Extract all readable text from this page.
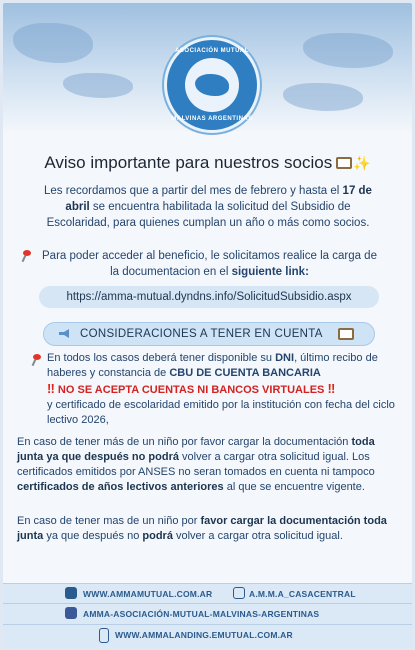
ASOCIACIÓN MUTUAL
MALVINAS ARGENTINAS
Aviso importante para nuestros socios ✨
Les recordamos que a partir del mes de febrero y hasta el 17 de abril se encuentra habilitada la solicitud del Subsidio de Escolaridad, para quienes cumplan un año o más como socios.
Para poder acceder al beneficio, le solicitamos realice la carga de la documentacion en el siguiente link:
https://amma-mutual.dyndns.info/SolicitudSubsidio.aspx
CONSIDERACIONES A TENER EN CUENTA
En todos los casos deberá tener disponible su DNI, último recibo de haberes y constancia de CBU DE CUENTA BANCARIA
‼ NO SE ACEPTA CUENTAS NI BANCOS VIRTUALES ‼
y certificado de escolaridad emitido por la institución con fecha del ciclo lectivo 2026,
En caso de tener más de un niño por favor cargar la documentación toda junta ya que después no podrá volver a cargar otra solicitud igual. Los certificados emitidos por ANSES no seran tomados en cuenta ni tampoco certificados de años lectivos anteriores al que se encuentre vigente.
En caso de tener mas de un niño por favor cargar la documentación toda junta ya que después no podrá volver a cargar otra solicitud igual.
WWW.AMMAMUTUAL.COM.AR	A.M.M.A_CASACENTRAL
AMMA-ASOCIACIÓN-MUTUAL-MALVINAS-ARGENTINAS
WWW.AMMALANDING.EMUTUAL.COM.AR
